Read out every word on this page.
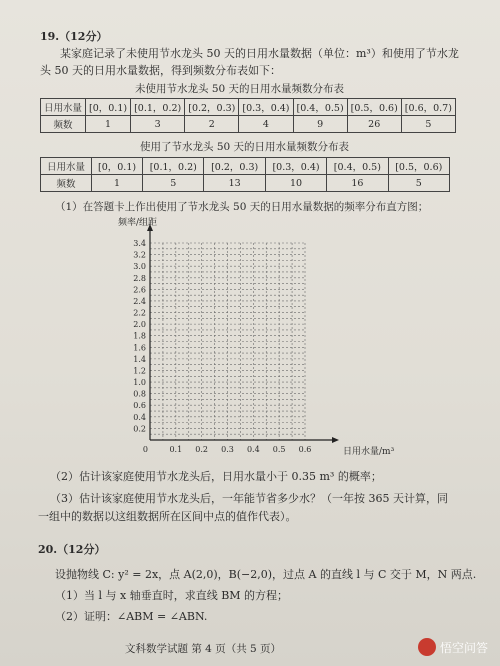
19.（12分）
某家庭记录了未使用节水龙头 50 天的日用水量数据（单位：m³）和使用了节水龙
头 50 天的日用水量数据，得到频数分布表如下：
未使用节水龙头 50 天的日用水量频数分布表
日用水量	[0，0.1)	[0.1，0.2)	[0.2，0.3)	[0.3，0.4)	[0.4，0.5)	[0.5，0.6)	[0.6，0.7)
频数	1	3	2	4	9	26	5
使用了节水龙头 50 天的日用水量频数分布表
日用水量	[0，0.1)	[0.1，0.2)	[0.2，0.3)	[0.3，0.4)	[0.4，0.5)	[0.5，0.6)
频数	1	5	13	10	16	5
（1）在答题卡上作出使用了节水龙头 50 天的日用水量数据的频率分布直方图；
0.2
0.4
0.6
0.8
1.0
1.2
1.4
1.6
1.8
2.0
2.2
2.4
2.6
2.8
3.0
3.2
3.4
0.1 0.2 0.3 0.4 0.5 0.6
0
频率/组距
日用水量/m³
（2）估计该家庭使用节水龙头后，日用水量小于 0.35 m³ 的概率；
（3）估计该家庭使用节水龙头后，一年能节省多少水？（一年按 365 天计算，同
一组中的数据以这组数据所在区间中点的值作代表）。
20.（12分）
设抛物线 C: y² = 2x，点 A(2,0)，B(−2,0)，过点 A 的直线 l 与 C 交于 M，N 两点.
（1）当 l 与 x 轴垂直时，求直线 BM 的方程；
（2）证明：∠ABM = ∠ABN.
文科数学试题 第 4 页（共 5 页）	悟空问答
